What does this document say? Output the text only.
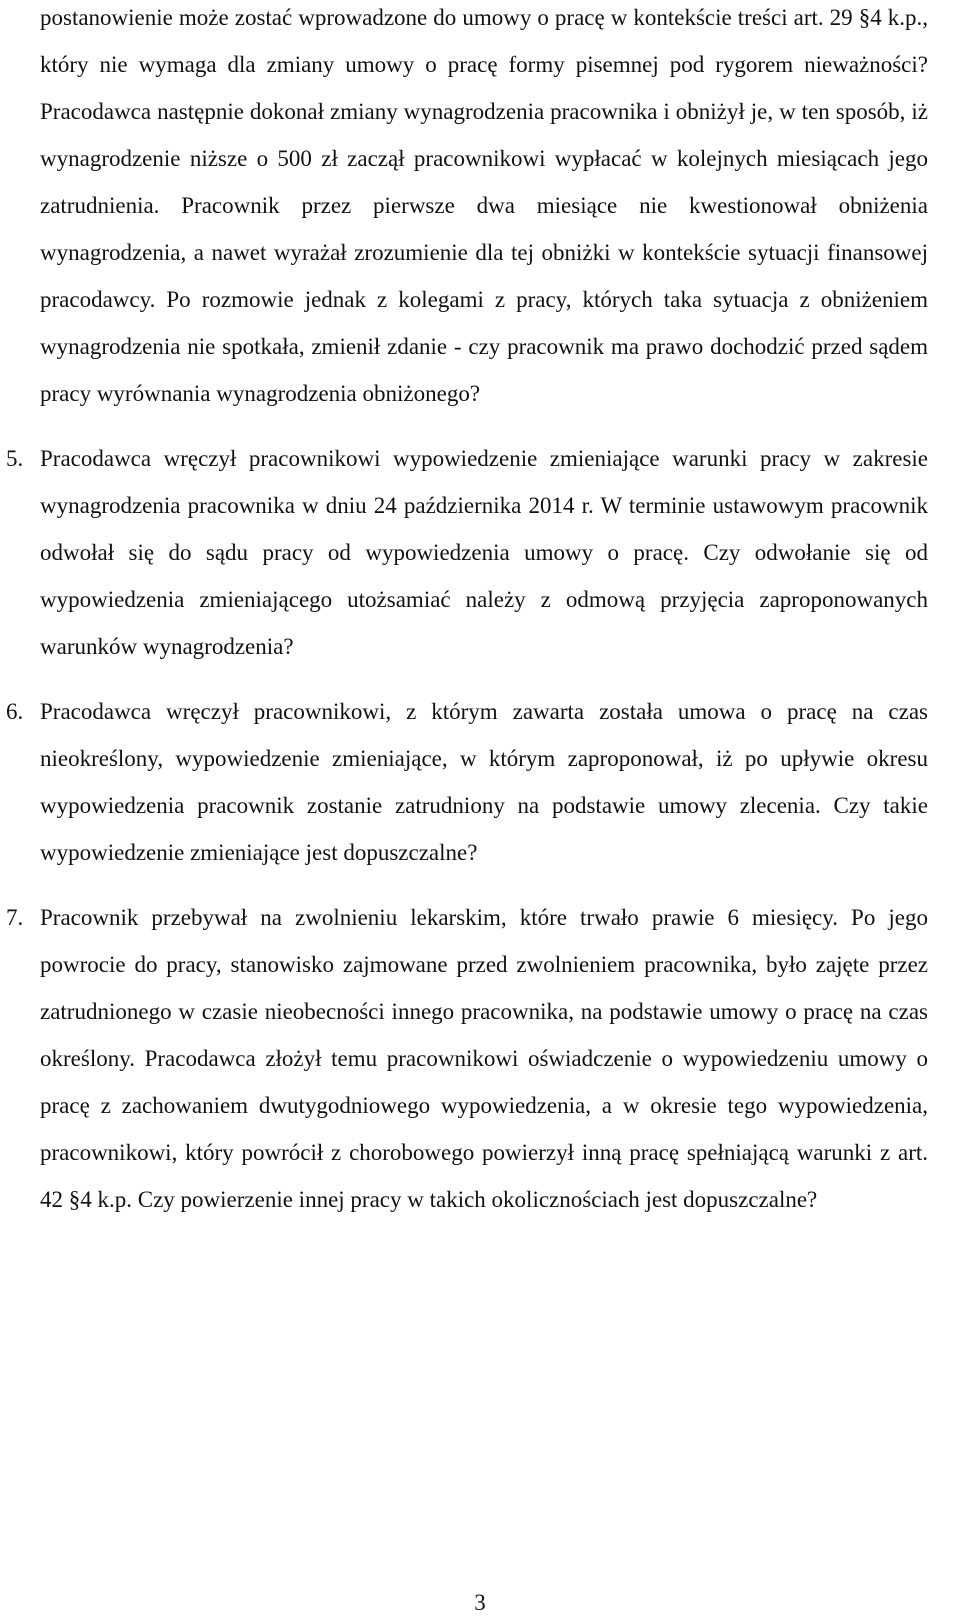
postanowienie może zostać wprowadzone do umowy o pracę w kontekście treści art. 29 §4 k.p., który nie wymaga dla zmiany umowy o pracę formy pisemnej pod rygorem nieważności? Pracodawca następnie dokonał zmiany wynagrodzenia pracownika i obniżył je, w ten sposób, iż wynagrodzenie niższe o 500 zł zaczął pracownikowi wypłacać w kolejnych miesiącach jego zatrudnienia. Pracownik przez pierwsze dwa miesiące nie kwestionował obniżenia wynagrodzenia, a nawet wyrażał zrozumienie dla tej obniżki w kontekście sytuacji finansowej pracodawcy. Po rozmowie jednak z kolegami z pracy, których taka sytuacja z obniżeniem wynagrodzenia nie spotkała, zmienił zdanie - czy pracownik ma prawo dochodzić przed sądem pracy wyrównania wynagrodzenia obniżonego?

5. Pracodawca wręczył pracownikowi wypowiedzenie zmieniające warunki pracy w zakresie wynagrodzenia pracownika w dniu 24 października 2014 r. W terminie ustawowym pracownik odwołał się do sądu pracy od wypowiedzenia umowy o pracę. Czy odwołanie się od wypowiedzenia zmieniającego utożsamiać należy z odmową przyjęcia zaproponowanych warunków wynagrodzenia?

6. Pracodawca wręczył pracownikowi, z którym zawarta została umowa o pracę na czas nieokreślony, wypowiedzenie zmieniające, w którym zaproponował, iż po upływie okresu wypowiedzenia pracownik zostanie zatrudniony na podstawie umowy zlecenia. Czy takie wypowiedzenie zmieniające jest dopuszczalne?

7. Pracownik przebywał na zwolnieniu lekarskim, które trwało prawie 6 miesięcy. Po jego powrocie do pracy, stanowisko zajmowane przed zwolnieniem pracownika, było zajęte przez zatrudnionego w czasie nieobecności innego pracownika, na podstawie umowy o pracę na czas określony. Pracodawca złożył temu pracownikowi oświadczenie o wypowiedzeniu umowy o pracę z zachowaniem dwutygodniowego wypowiedzenia, a w okresie tego wypowiedzenia, pracownikowi, który powrócił z chorobowego powierzył inną pracę spełniającą warunki z art. 42 §4 k.p. Czy powierzenie innej pracy w takich okolicznościach jest dopuszczalne?

3
